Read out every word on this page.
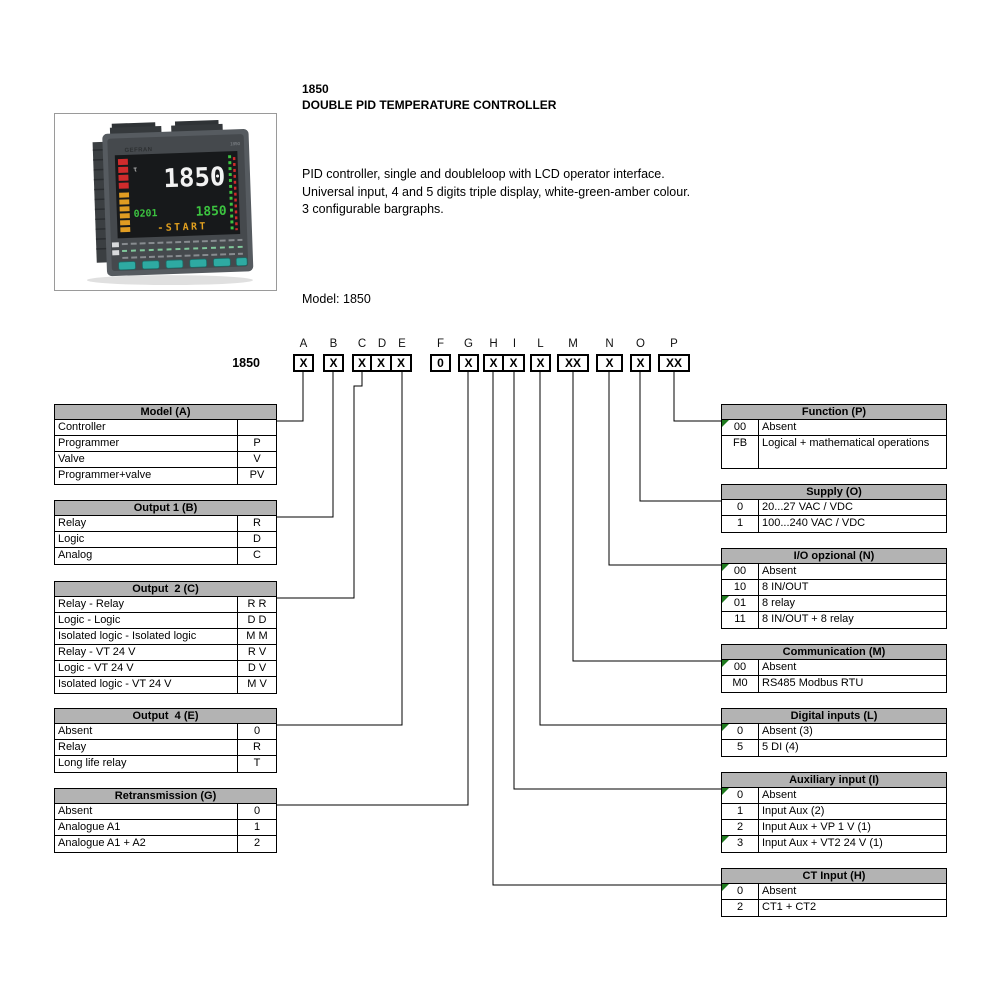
GEFRAN
1850
τ 1850
0201	1850
-START
1850
DOUBLE PID TEMPERATURE CONTROLLER
PID controller, single and doubleloop with LCD operator interface.
Universal input, 4 and 5 digits triple display, white-green-amber colour.
3 configurable bargraphs.
Model: 1850
1850
A
X
B
X
C
X
D
X
E
X
F
0
G
X
H
X
I
X
L
X
M
XX
N
X
O
X
P
XX
Model (A)
Controller
Programmer	P
Valve	V
Programmer+valve	PV
Output 1 (B)
Relay	R
Logic	D
Analog	C
Output  2 (C)
Relay - Relay	R R
Logic - Logic	D D
Isolated logic - Isolated logic	M M
Relay - VT 24 V	R V
Logic - VT 24 V	D V
Isolated logic - VT 24 V	M V
Output  4 (E)
Absent	0
Relay	R
Long life relay	T
Retransmission (G)
Absent	0
Analogue A1	1
Analogue A1 + A2	2
Function (P)
00	Absent
FB	Logical + mathematical operations
Supply (O)
0	20...27 VAC / VDC
1	100...240 VAC / VDC
I/O opzional (N)
00	Absent
10	8 IN/OUT
01	8 relay
11	8 IN/OUT + 8 relay
Communication (M)
00	Absent
M0	RS485 Modbus RTU
Digital inputs (L)
0	Absent (3)
5	5 DI (4)
Auxiliary input (I)
0	Absent
1	Input Aux (2)
2	Input Aux + VP 1 V (1)
3	Input Aux + VT2 24 V (1)
CT Input (H)
0	Absent
2	CT1 + CT2
